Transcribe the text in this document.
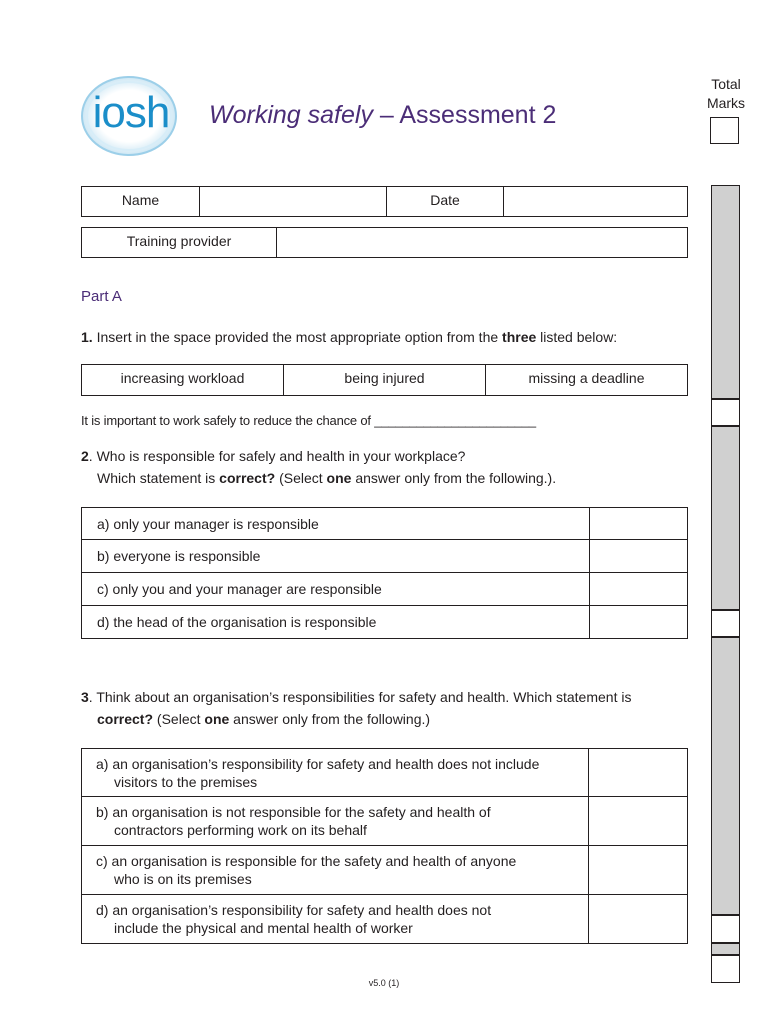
iosh Working safely – Assessment 2
Total
Marks
Name		Date	
Training provider	
Part A
1. Insert in the space provided the most appropriate option from the three listed below:
increasing workload	being injured	missing a deadline
It is important to work safely to reduce the chance of _______________________
2. Who is responsible for safely and health in your workplace?
Which statement is correct? (Select one answer only from the following.).
a) only your manager is responsible	
b) everyone is responsible	
c) only you and your manager are responsible	
d) the head of the organisation is responsible	
3. Think about an organisation’s responsibilities for safety and health. Which statement is
correct? (Select one answer only from the following.)
a) an organisation’s responsibility for safety and health does not include
visitors to the premises	

b) an organisation is not responsible for the safety and health of
contractors performing work on its behalf	

c) an organisation is responsible for the safety and health of anyone
who is on its premises	

d) an organisation’s responsibility for safety and health does not
include the physical and mental health of worker	

v5.0 (1)
